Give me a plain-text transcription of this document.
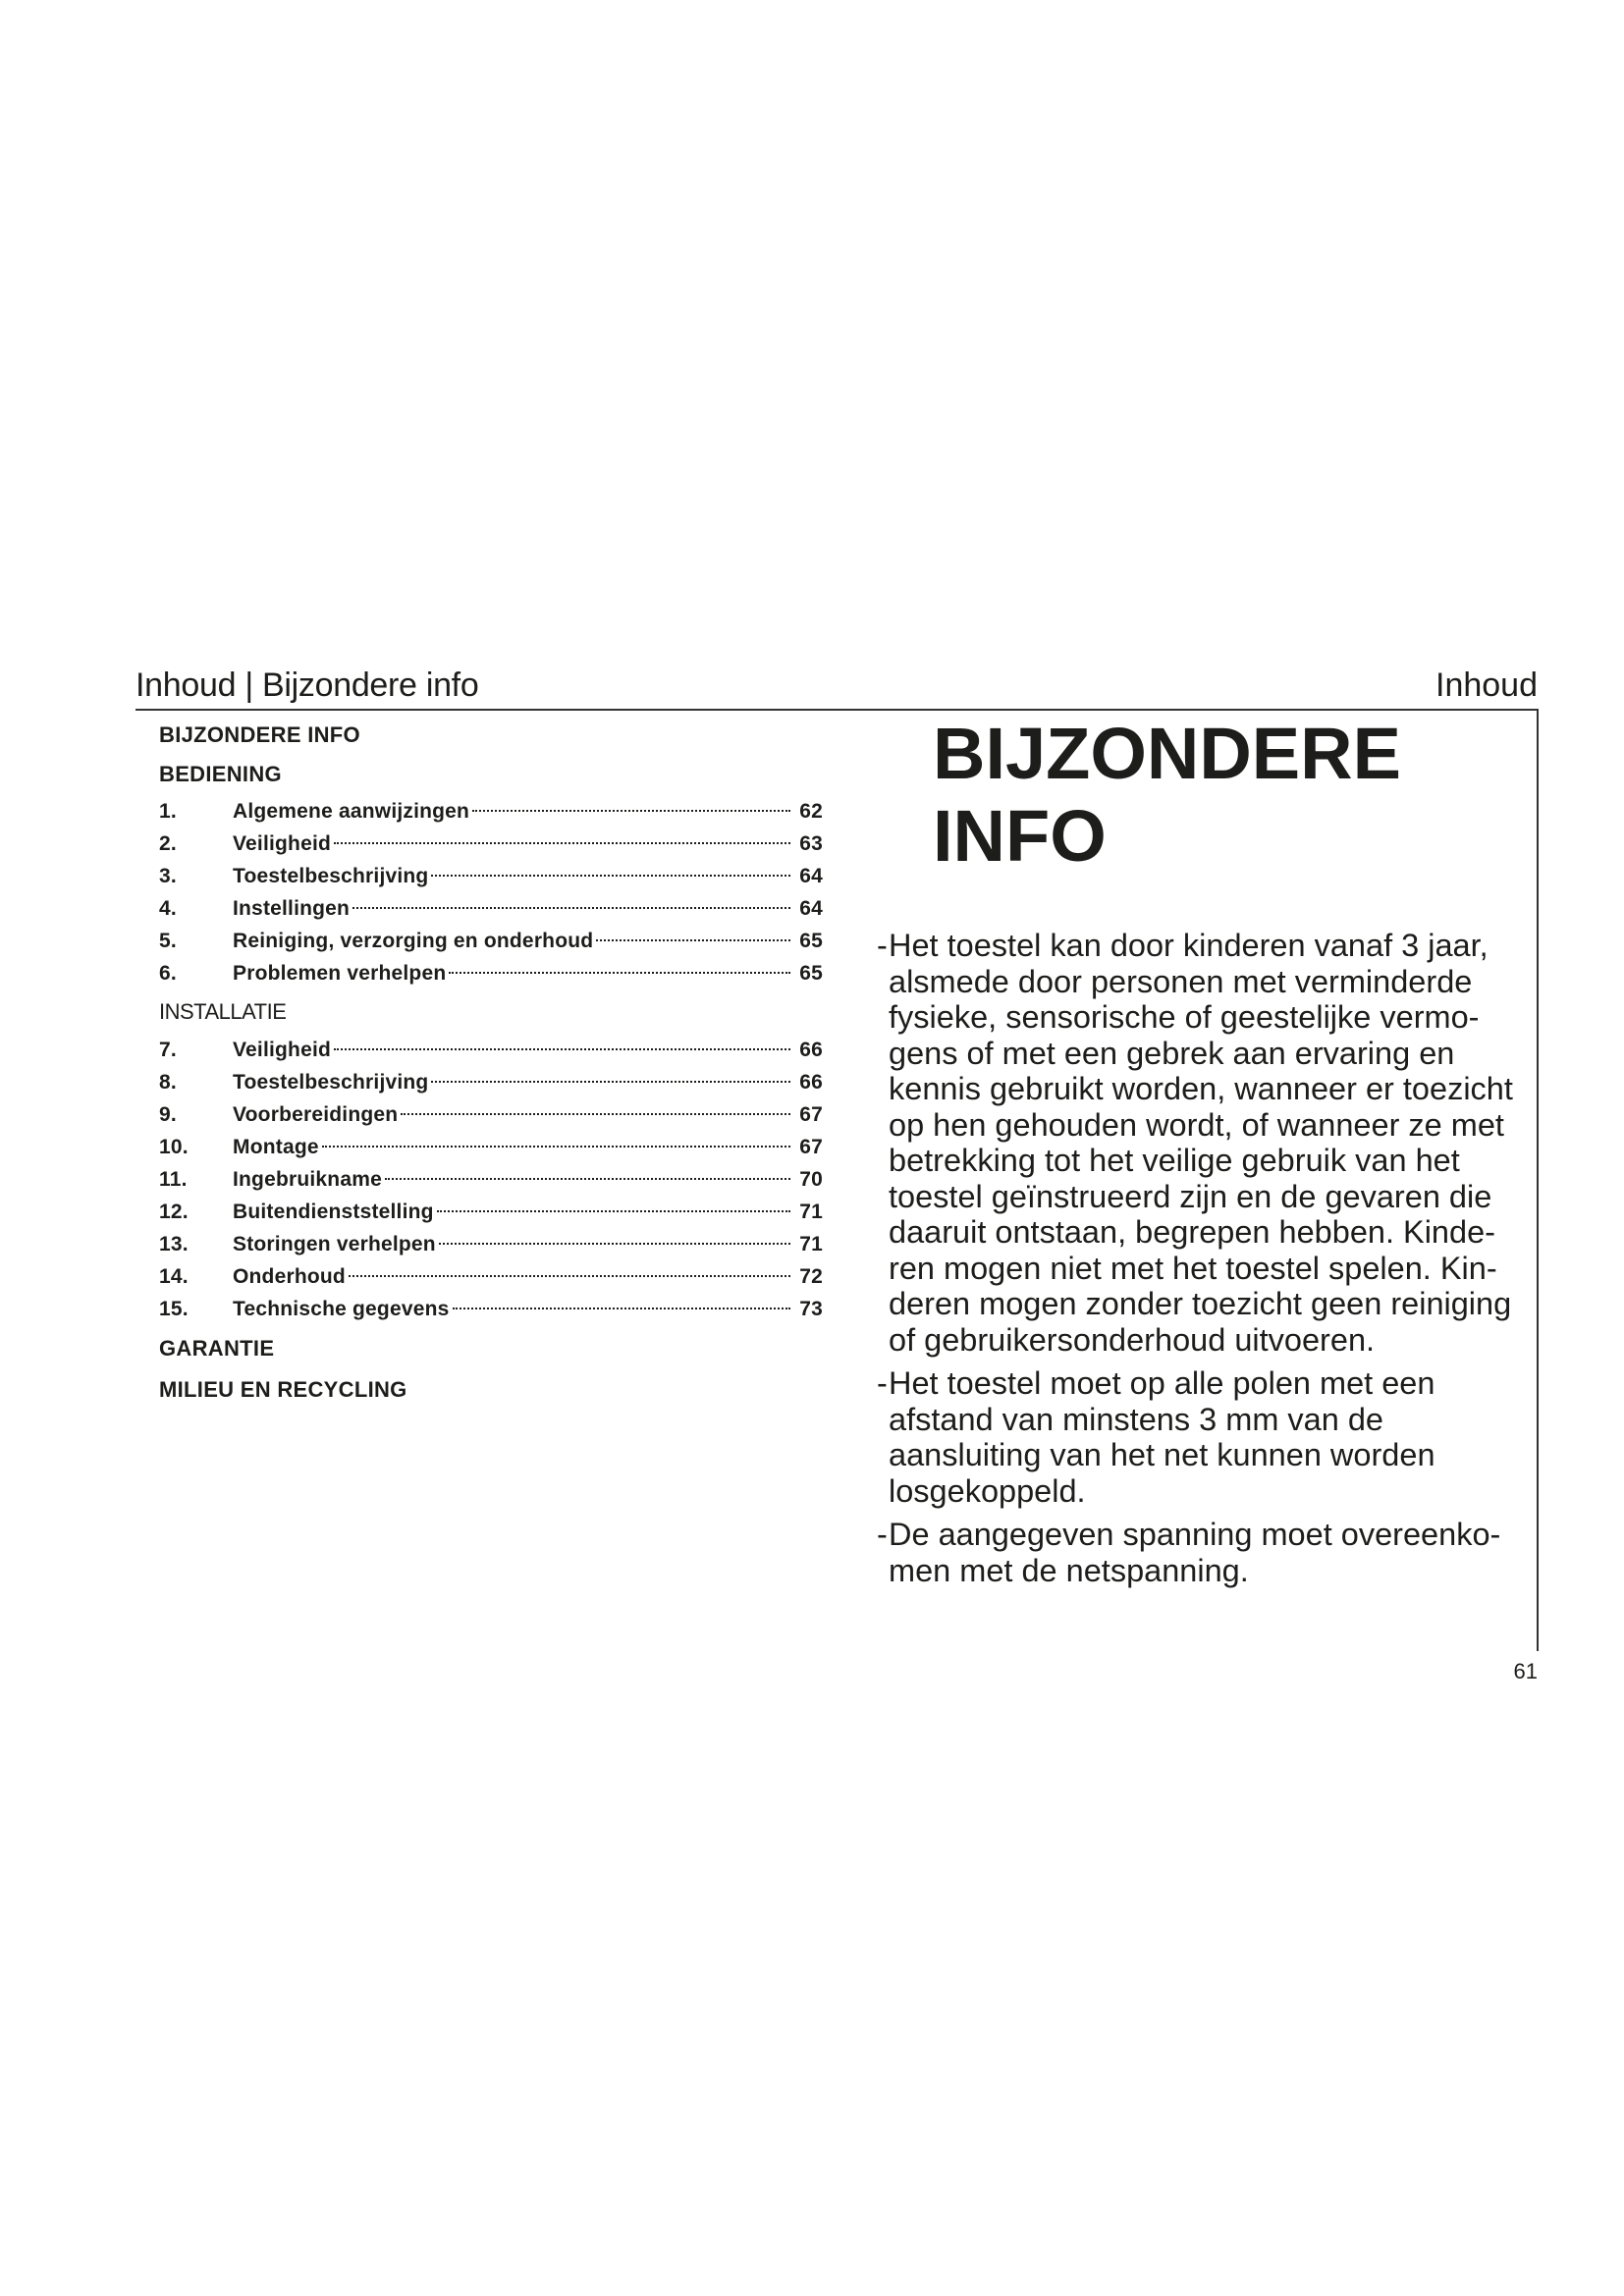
Inhoud | Bijzondere info	Inhoud
BIJZONDERE INFO
BEDIENING
1.	Algemene aanwijzingen	62
2.	Veiligheid	63
3.	Toestelbeschrijving	64
4.	Instellingen	64
5.	Reiniging, verzorging en onderhoud	65
6.	Problemen verhelpen	65
INSTALLATIE
7.	Veiligheid	66
8.	Toestelbeschrijving	66
9.	Voorbereidingen	67
10.	Montage	67
11.	Ingebruikname	70
12.	Buitendienststelling	71
13.	Storingen verhelpen	71
14.	Onderhoud	72
15.	Technische gegevens	73
GARANTIE
MILIEU EN RECYCLING
BIJZONDERE
INFO
- Het toestel kan door kinderen vanaf 3 jaar,
alsmede door personen met verminderde
fysieke, sensorische of geestelijke vermo-
gens of met een gebrek aan ervaring en
kennis gebruikt worden, wanneer er toezicht
op hen gehouden wordt, of wanneer ze met
betrekking tot het veilige gebruik van het
toestel geïnstrueerd zijn en de gevaren die
daaruit ontstaan, begrepen hebben. Kinde-
ren mogen niet met het toestel spelen. Kin-
deren mogen zonder toezicht geen reiniging
of gebruikersonderhoud uitvoeren.
- Het toestel moet op alle polen met een
afstand van minstens 3 mm van de
aansluiting van het net kunnen worden
losgekoppeld.
- De aangegeven spanning moet overeenko-
men met de netspanning.
61
